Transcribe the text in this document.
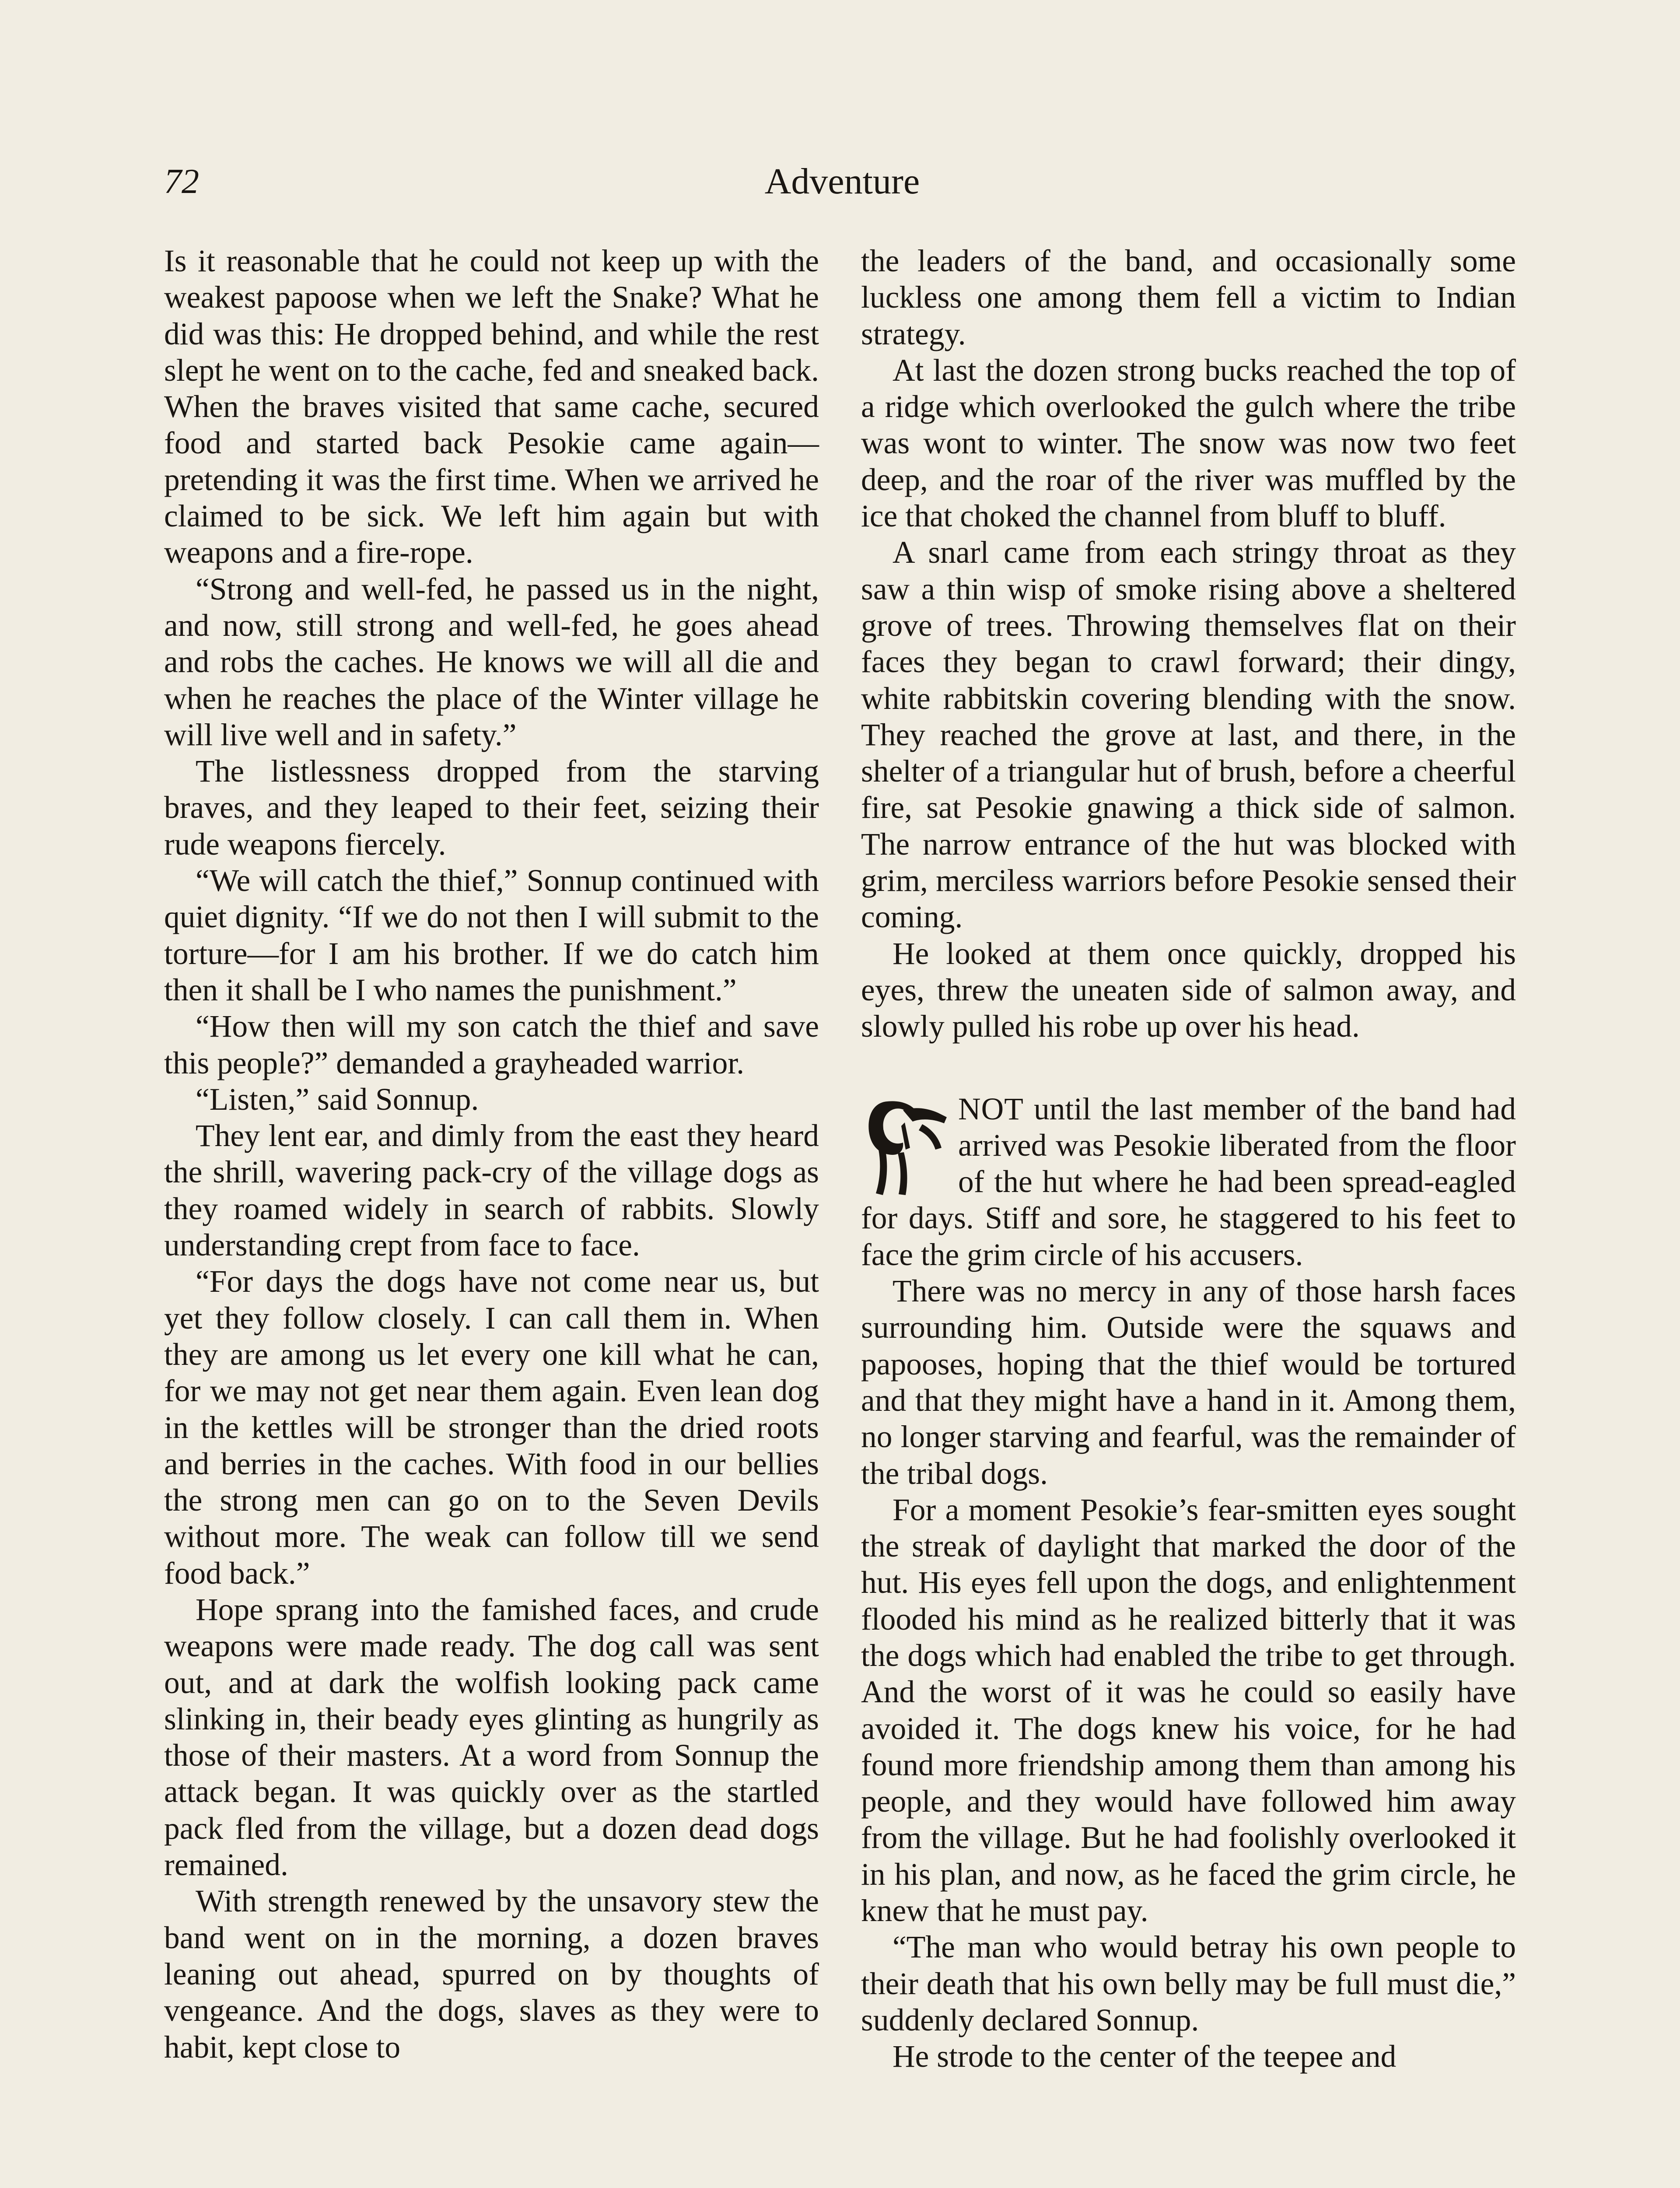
72	Adventure

Is it reasonable that he could not keep up with the weakest papoose when we left the Snake? What he did was this: He dropped behind, and while the rest slept he went on to the cache, fed and sneaked back. When the braves visited that same cache, secured food and started back Pesokie came again—pretending it was the first time. When we arrived he claimed to be sick. We left him again but with weapons and a fire-rope.

“Strong and well-fed, he passed us in the night, and now, still strong and well-fed, he goes ahead and robs the caches. He knows we will all die and when he reaches the place of the Winter village he will live well and in safety.”

The listlessness dropped from the starving braves, and they leaped to their feet, seizing their rude weapons fiercely.

“We will catch the thief,” Sonnup continued with quiet dignity. “If we do not then I will submit to the torture—for I am his brother. If we do catch him then it shall be I who names the punishment.”

“How then will my son catch the thief and save this people?” demanded a grayheaded warrior.

“Listen,” said Sonnup.

They lent ear, and dimly from the east they heard the shrill, wavering pack-cry of the village dogs as they roamed widely in search of rabbits. Slowly understanding crept from face to face.

“For days the dogs have not come near us, but yet they follow closely. I can call them in. When they are among us let every one kill what he can, for we may not get near them again. Even lean dog in the kettles will be stronger than the dried roots and berries in the caches. With food in our bellies the strong men can go on to the Seven Devils without more. The weak can follow till we send food back.”

Hope sprang into the famished faces, and crude weapons were made ready. The dog call was sent out, and at dark the wolfish looking pack came slinking in, their beady eyes glinting as hungrily as those of their masters. At a word from Sonnup the attack began. It was quickly over as the startled pack fled from the village, but a dozen dead dogs remained.

With strength renewed by the unsavory stew the band went on in the morning, a dozen braves leaning out ahead, spurred on by thoughts of vengeance. And the dogs, slaves as they were to habit, kept close to

the leaders of the band, and occasionally some luckless one among them fell a victim to Indian strategy.

At last the dozen strong bucks reached the top of a ridge which overlooked the gulch where the tribe was wont to winter. The snow was now two feet deep, and the roar of the river was muffled by the ice that choked the channel from bluff to bluff.

A snarl came from each stringy throat as they saw a thin wisp of smoke rising above a sheltered grove of trees. Throwing themselves flat on their faces they began to crawl forward; their dingy, white rabbitskin covering blending with the snow. They reached the grove at last, and there, in the shelter of a triangular hut of brush, before a cheerful fire, sat Pesokie gnawing a thick side of salmon. The narrow entrance of the hut was blocked with grim, merciless warriors before Pesokie sensed their coming.

He looked at them once quickly, dropped his eyes, threw the uneaten side of salmon away, and slowly pulled his robe up over his head.

NOT until the last member of the band had arrived was Pesokie liberated from the floor of the hut where he had been spread-eagled for days. Stiff and sore, he staggered to his feet to face the grim circle of his accusers.

There was no mercy in any of those harsh faces surrounding him. Outside were the squaws and papooses, hoping that the thief would be tortured and that they might have a hand in it. Among them, no longer starving and fearful, was the remainder of the tribal dogs.

For a moment Pesokie’s fear-smitten eyes sought the streak of daylight that marked the door of the hut. His eyes fell upon the dogs, and enlightenment flooded his mind as he realized bitterly that it was the dogs which had enabled the tribe to get through. And the worst of it was he could so easily have avoided it. The dogs knew his voice, for he had found more friendship among them than among his people, and they would have followed him away from the village. But he had foolishly overlooked it in his plan, and now, as he faced the grim circle, he knew that he must pay.

“The man who would betray his own people to their death that his own belly may be full must die,” suddenly declared Sonnup.

He strode to the center of the teepee and
